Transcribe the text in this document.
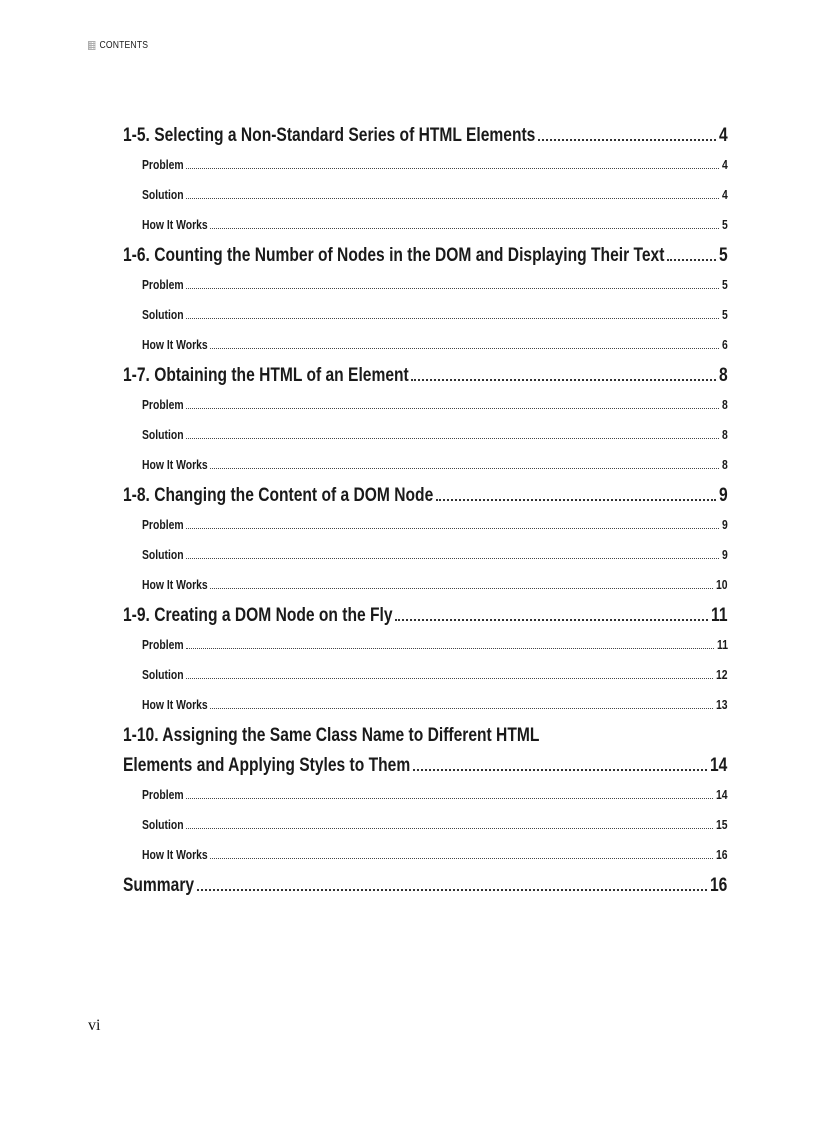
CONTENTS
1-5. Selecting a Non-Standard Series of HTML Elements	4
Problem	4
Solution	4
How It Works	5
1-6. Counting the Number of Nodes in the DOM and Displaying Their Text	5
Problem	5
Solution	5
How It Works	6
1-7. Obtaining the HTML of an Element	8
Problem	8
Solution	8
How It Works	8
1-8. Changing the Content of a DOM Node	9
Problem	9
Solution	9
How It Works	10
1-9. Creating a DOM Node on the Fly	11
Problem	11
Solution	12
How It Works	13
1-10. Assigning the Same Class Name to Different HTML
Elements and Applying Styles to Them	14
Problem	14
Solution	15
How It Works	16
Summary	16
vi
